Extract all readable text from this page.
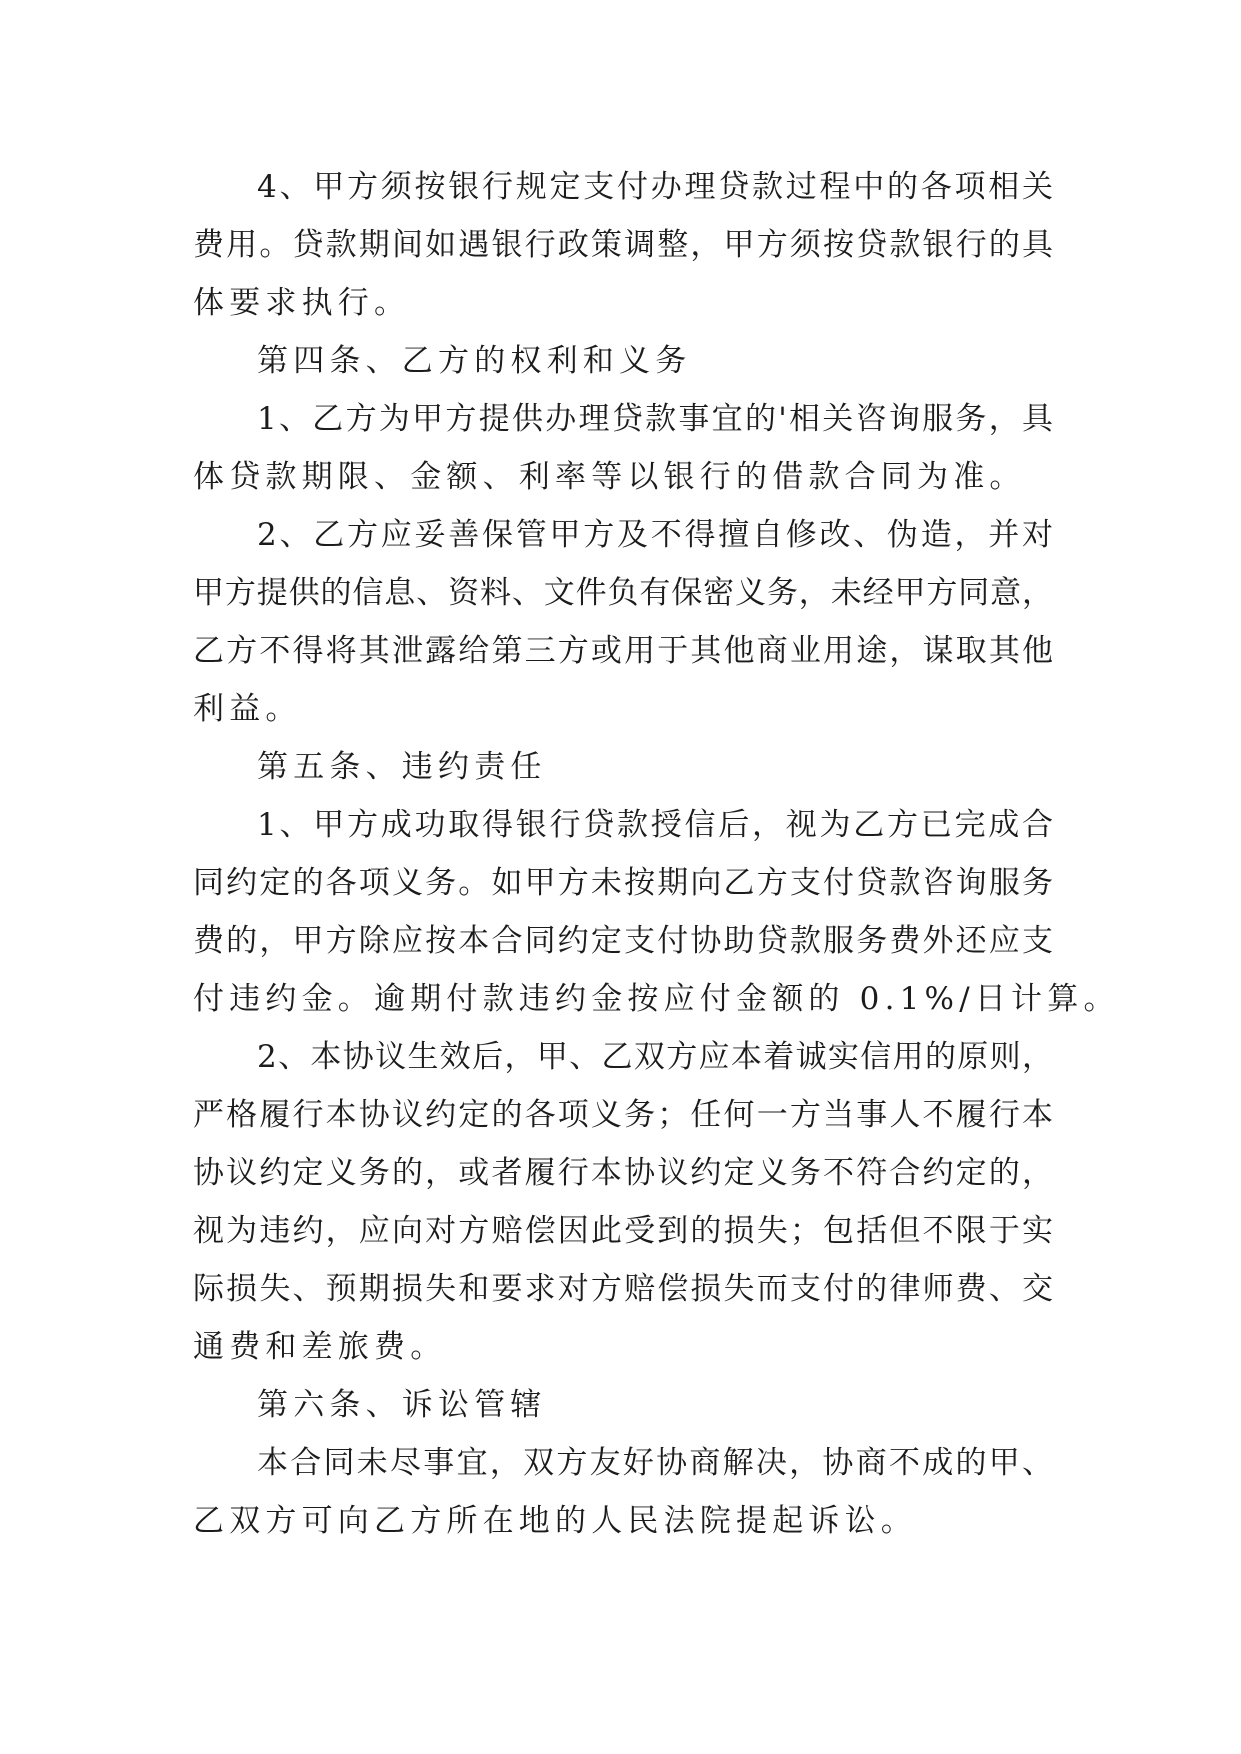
4、甲方须按银行规定支付办理贷款过程中的各项相关
费用。贷款期间如遇银行政策调整，甲方须按贷款银行的具
体要求执行。
第四条、乙方的权利和义务
1、乙方为甲方提供办理贷款事宜的'相关咨询服务，具
体贷款期限、金额、利率等以银行的借款合同为准。
2、乙方应妥善保管甲方及不得擅自修改、伪造，并对
甲方提供的信息、资料、文件负有保密义务，未经甲方同意，
乙方不得将其泄露给第三方或用于其他商业用途，谋取其他
利益。
第五条、违约责任
1、甲方成功取得银行贷款授信后，视为乙方已完成合
同约定的各项义务。如甲方未按期向乙方支付贷款咨询服务
费的，甲方除应按本合同约定支付协助贷款服务费外还应支
付违约金。逾期付款违约金按应付金额的 0.1%/日计算。
2、本协议生效后，甲、乙双方应本着诚实信用的原则，
严格履行本协议约定的各项义务；任何一方当事人不履行本
协议约定义务的，或者履行本协议约定义务不符合约定的，
视为违约，应向对方赔偿因此受到的损失；包括但不限于实
际损失、预期损失和要求对方赔偿损失而支付的律师费、交
通费和差旅费。
第六条、诉讼管辖
本合同未尽事宜，双方友好协商解决，协商不成的甲、
乙双方可向乙方所在地的人民法院提起诉讼。
